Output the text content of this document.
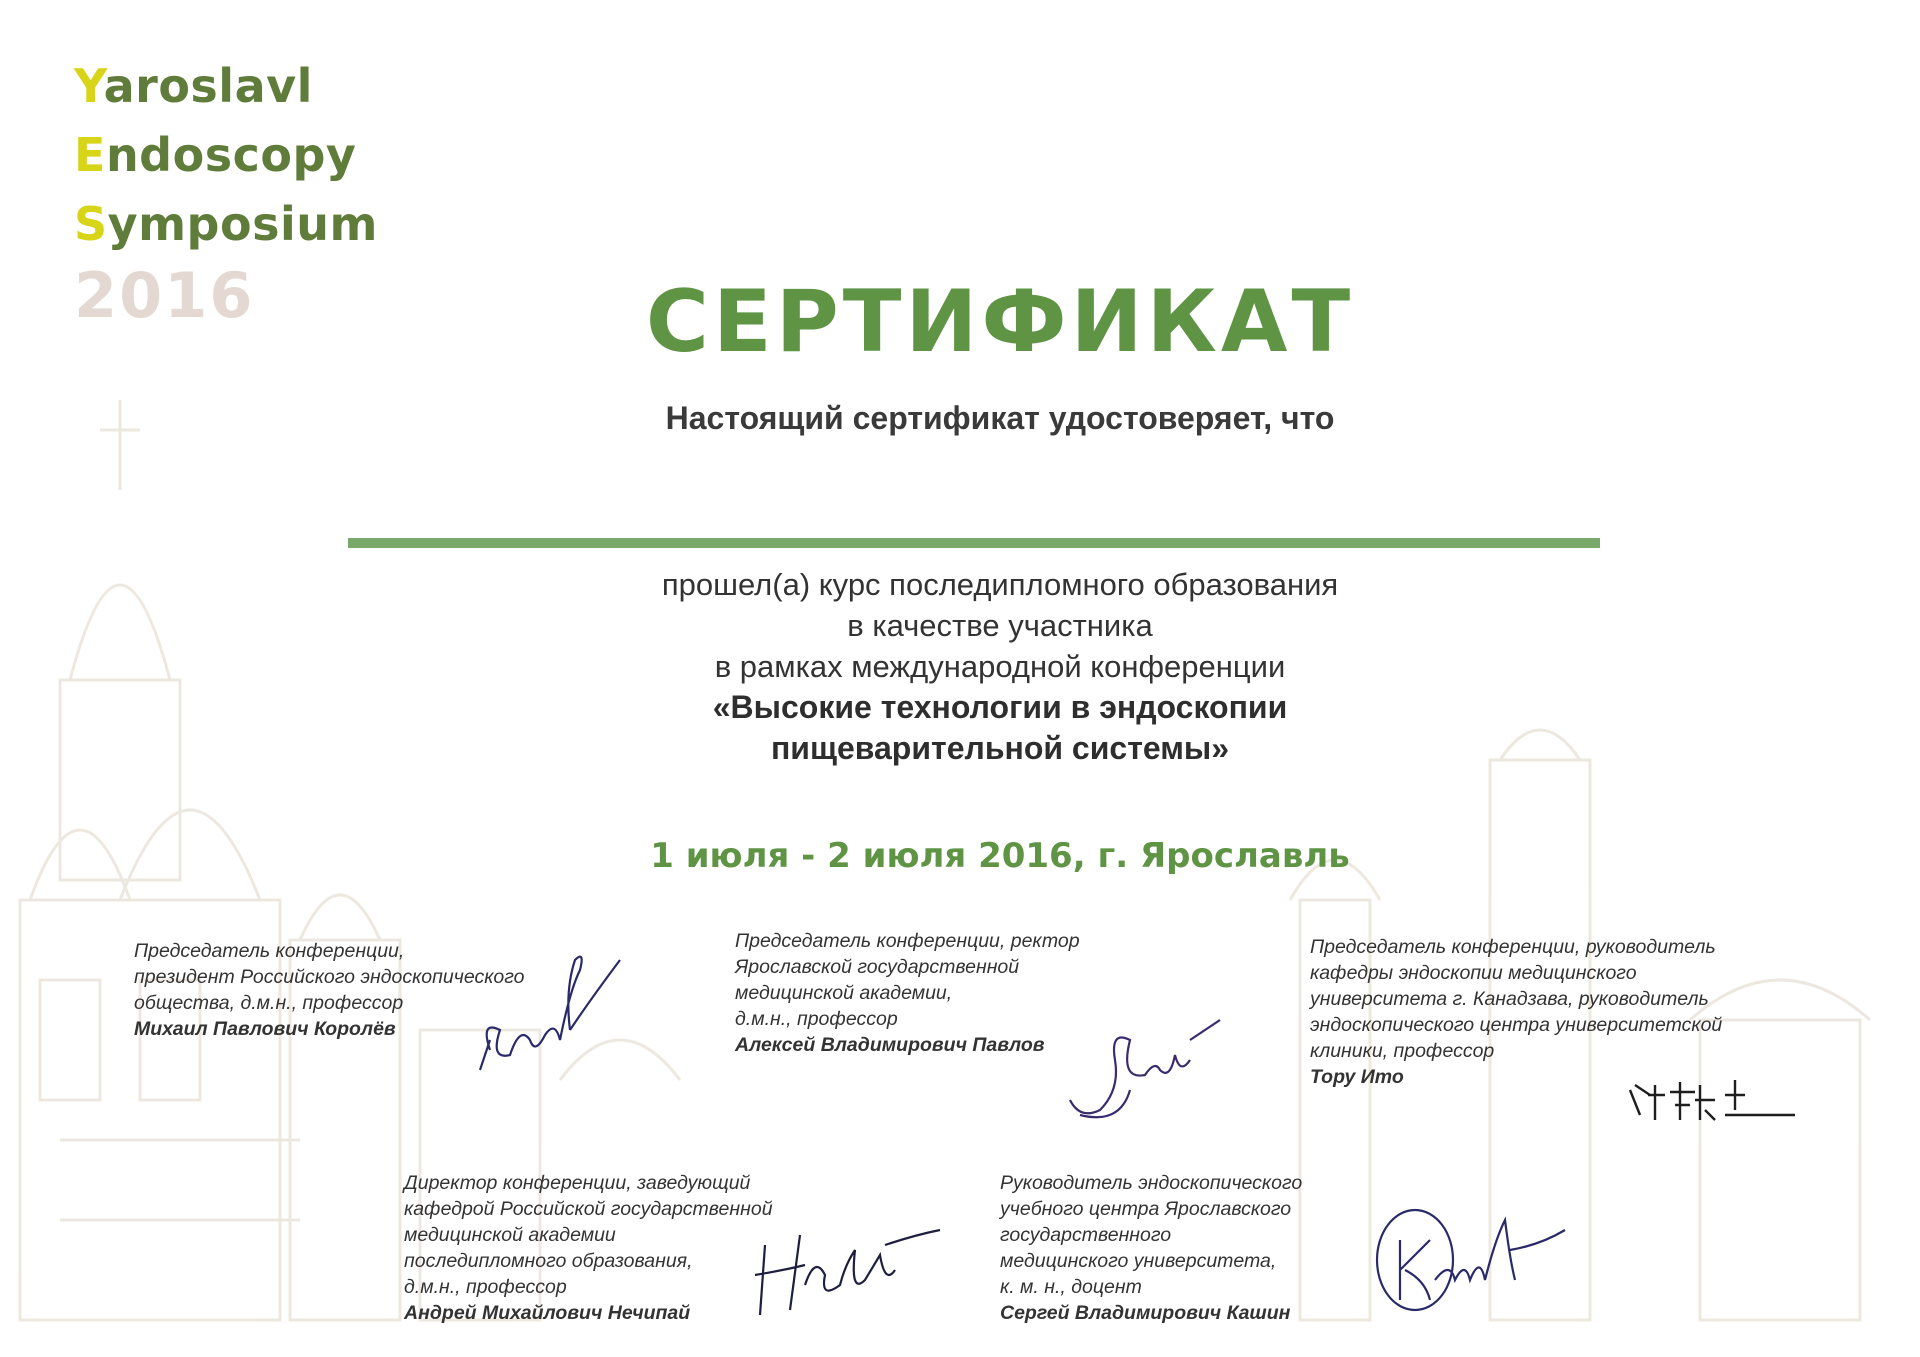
Yaroslavl
Endoscopy
Symposium
2016	СЕРТИФИКАТ
Настоящий сертификат удостоверяет, что
прошел(а) курс последипломного образования
в качестве участника
в рамках международной конференции
«Высокие технологии в эндоскопии
пищеварительной системы»
1 июля - 2 июля 2016, г. Ярославль
Председатель конференции,
президент Российского эндоскопического
общества, д.м.н., профессор
Михаил Павлович Королёв
Председатель конференции, ректор
Ярославской государственной
медицинской академии,
д.м.н., профессор
Алексей Владимирович Павлов
Председатель конференции, руководитель
кафедры эндоскопии медицинского
университета г. Канадзава, руководитель
эндоскопического центра университетской
клиники, профессор
Тору Ито
Директор конференции, заведующий
кафедрой Российской государственной
медицинской академии
последипломного образования,
д.м.н., профессор
Андрей Михайлович Нечипай
Руководитель эндоскопического
учебного центра Ярославского
государственного
медицинского университета,
к. м. н., доцент
Сергей Владимирович Кашин
